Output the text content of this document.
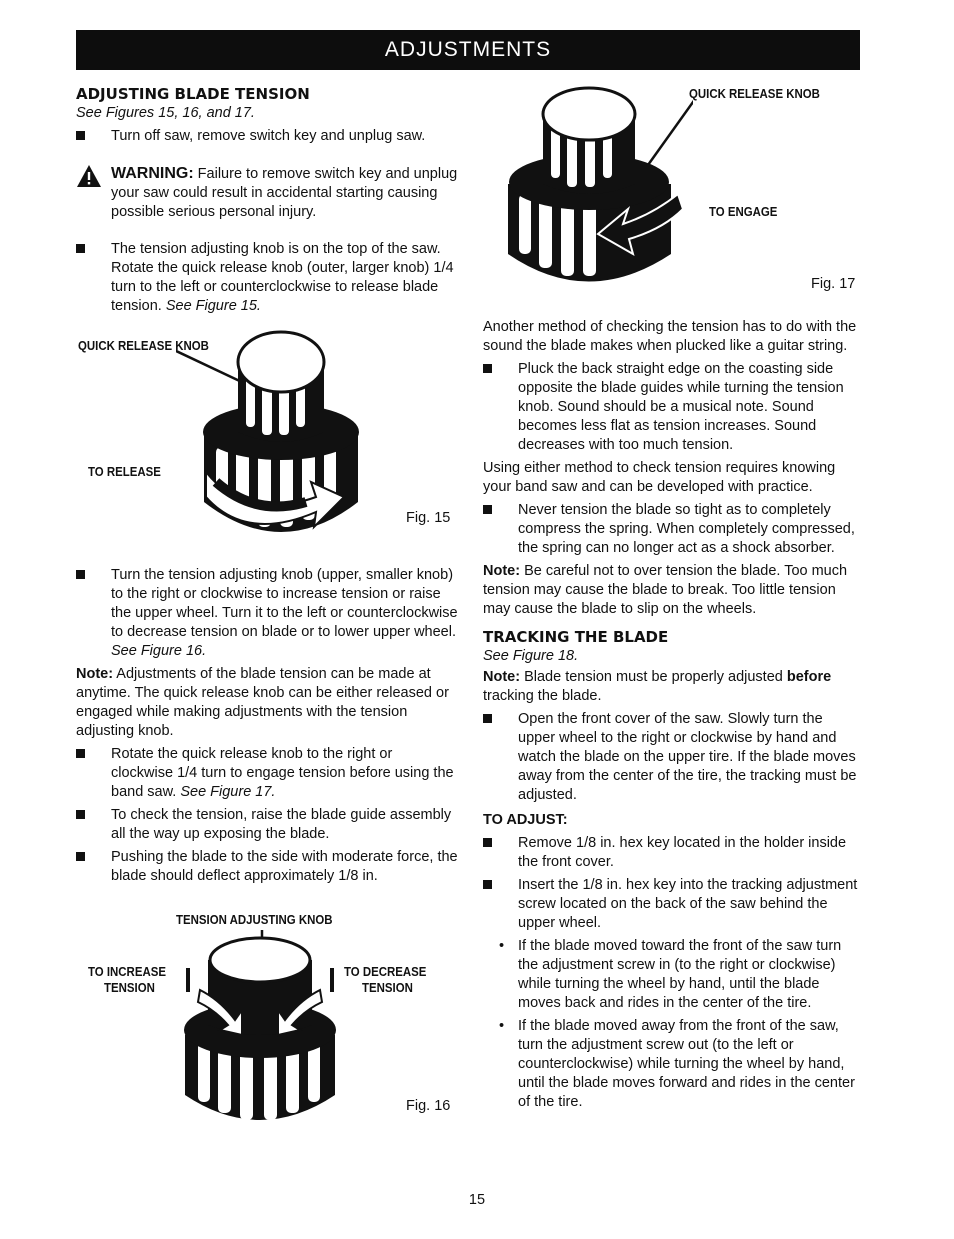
ADJUSTMENTS
ADJUSTING BLADE TENSION
See Figures 15, 16, and 17.
Turn off saw, remove switch key and unplug saw.
WARNING: Failure to remove switch key and unplug your saw could result in accidental starting causing possible serious personal injury.
The tension adjusting knob is on the top of the saw. Rotate the quick release knob (outer, larger knob) 1/4 turn to the left or counterclockwise to release blade tension. See Figure 15.
QUICK RELEASE KNOB
TO RELEASE
Fig. 15
Turn the tension adjusting knob (upper, smaller knob) to the right or clockwise to increase tension or raise the upper wheel. Turn it to the left or counterclockwise to decrease tension on blade or to lower upper wheel. See Figure 16.

Note: Adjustments of the blade tension can be made at anytime. The quick release knob can be either released or engaged while making adjustments with the tension adjusting knob.

Rotate the quick release knob to the right or clockwise 1/4 turn to engage tension before using the band saw. See Figure 17.
To check the tension, raise the blade guide assembly all the way up exposing the blade.
Pushing the blade to the side with moderate force, the blade should deflect approximately 1/8 in.
TENSION ADJUSTING KNOB
TO INCREASE
TENSION
TO DECREASE
TENSION
Fig. 16
QUICK RELEASE KNOB
TO ENGAGE
Fig. 17

Another method of checking the tension has to do with the sound the blade makes when plucked like a guitar string.

Pluck the back straight edge on the coasting side opposite the blade guides while turning the tension knob. Sound should be a musical note. Sound becomes less flat as tension increases. Sound decreases with too much tension.

Using either method to check tension requires knowing your band saw and can be developed with practice.

Never tension the blade so tight as to completely compress the spring. When completely compressed, the spring can no longer act as a shock absorber.

Note: Be careful not to over tension the blade. Too much tension may cause the blade to break. Too little tension may cause the blade to slip on the wheels.

TRACKING THE BLADE
See Figure 18.

Note: Blade tension must be properly adjusted before tracking the blade.

Open the front cover of the saw. Slowly turn the upper wheel to the right or clockwise by hand and watch the blade on the upper tire. If the blade moves away from the center of the tire, the tracking must be adjusted.
TO ADJUST:
Remove 1/8 in. hex key located in the holder inside the front cover.
Insert the 1/8 in. hex key into the tracking adjustment screw located on the back of the saw behind the upper wheel.
• If the blade moved toward the front of the saw turn the adjustment screw in (to the right or clockwise) while turning the wheel by hand, until the blade moves back and rides in the center of the tire.
• If the blade moved away from the front of the saw, turn the adjustment screw out (to the left or counterclockwise) while turning the wheel by hand, until the blade moves forward and rides in the center of the tire.
15
